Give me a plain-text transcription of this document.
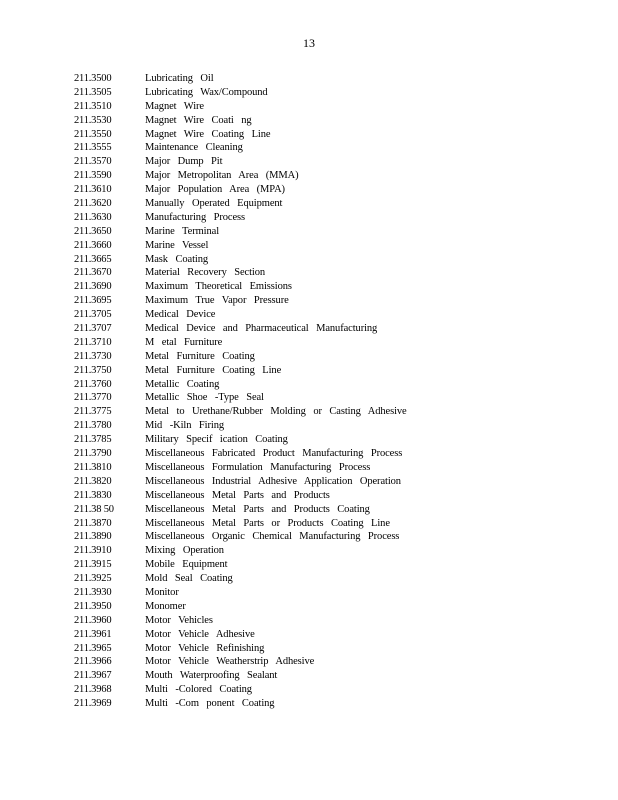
13
211.3500	Lubricating Oil
211.3505	Lubricating Wax/Compound
211.3510	Magnet Wire
211.3530	Magnet Wire Coati ng
211.3550	Magnet Wire Coating Line
211.3555	Maintenance Cleaning
211.3570	Major Dump Pit
211.3590	Major Metropolitan Area (MMA)
211.3610	Major Population Area (MPA)
211.3620	Manually Operated Equipment
211.3630	Manufacturing Process
211.3650	Marine Terminal
211.3660	Marine Vessel
211.3665	Mask Coating
211.3670	Material Recovery Section
211.3690	Maximum Theoretical Emissions
211.3695	Maximum True Vapor Pressure
211.3705	Medical Device
211.3707	Medical Device and Pharmaceutical Manufacturing
211.3710	M etal Furniture
211.3730	Metal Furniture Coating
211.3750	Metal Furniture Coating Line
211.3760	Metallic Coating
211.3770	Metallic Shoe -Type Seal
211.3775	Metal to Urethane/Rubber Molding or Casting Adhesive
211.3780	Mid -Kiln Firing
211.3785	Military Specif ication Coating
211.3790	Miscellaneous Fabricated Product Manufacturing Process
211.3810	Miscellaneous Formulation Manufacturing Process
211.3820	Miscellaneous Industrial Adhesive Application Operation
211.3830	Miscellaneous Metal Parts and Products
211.38 50	Miscellaneous Metal Parts and Products Coating
211.3870	Miscellaneous Metal Parts or Products Coating Line
211.3890	Miscellaneous Organic Chemical Manufacturing Process
211.3910	Mixing Operation
211.3915	Mobile Equipment
211.3925	Mold Seal Coating
211.3930	Monitor
211.3950	Monomer
211.3960	Motor Vehicles
211.3961	Motor Vehicle Adhesive
211.3965	Motor Vehicle Refinishing
211.3966	Motor Vehicle Weatherstrip Adhesive
211.3967	Mouth Waterproofing Sealant
211.3968	Multi -Colored Coating
211.3969	Multi -Com ponent Coating
